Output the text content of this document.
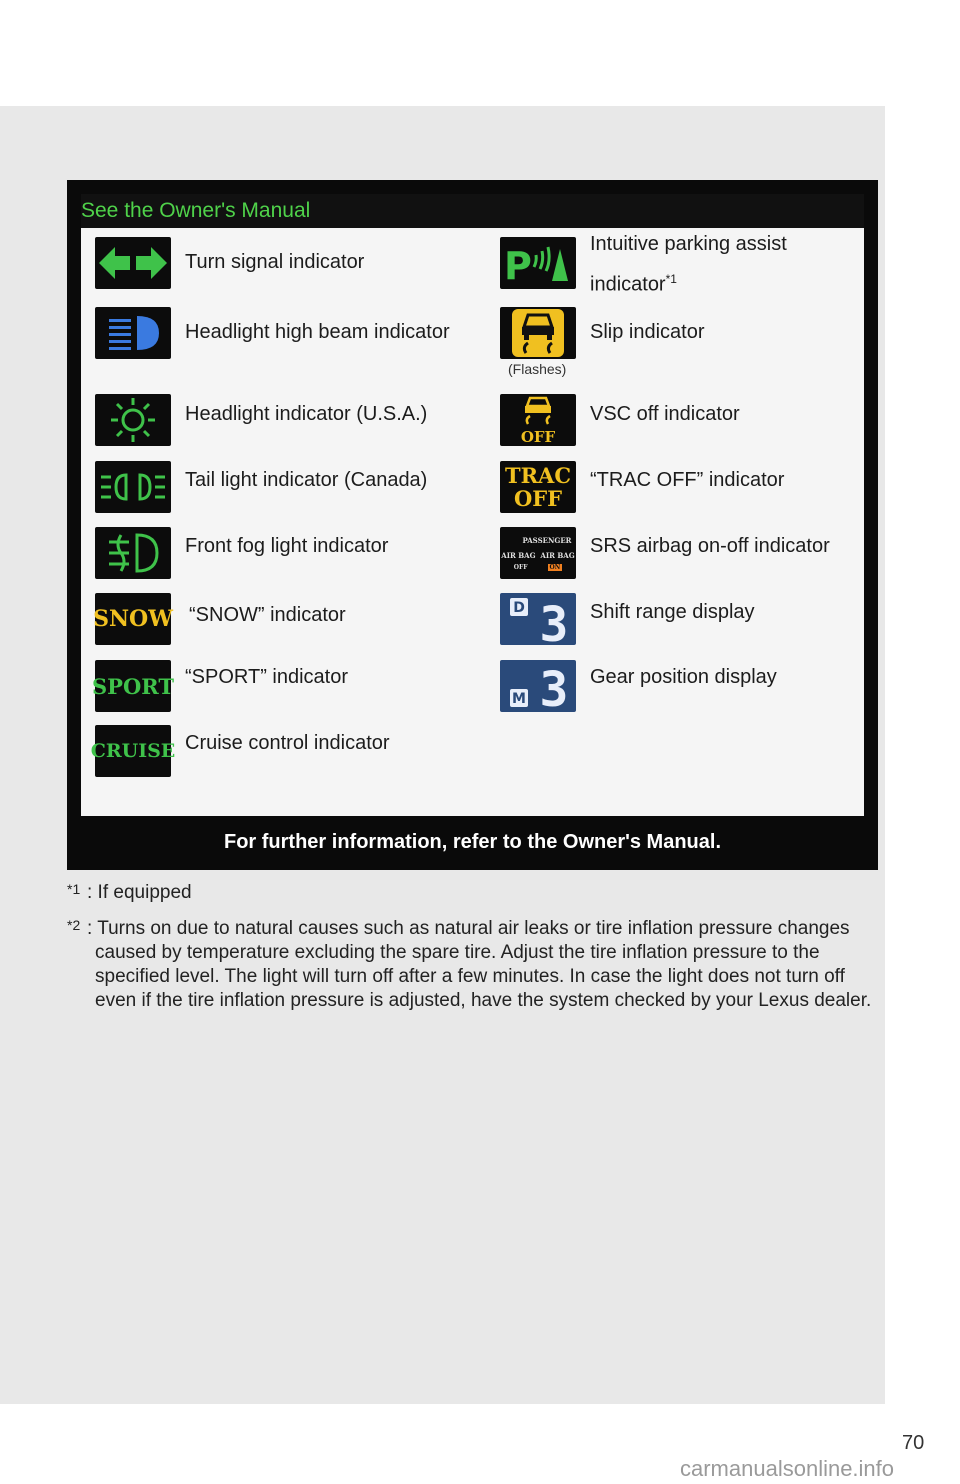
See the Owner's Manual
Turn signal indicator
Headlight high beam indicator
Headlight indicator (U.S.A.)
Tail light indicator (Canada)
Front fog light indicator
SNOW “SNOW” indicator
SPORT “SPORT” indicator
CRUISE Cruise control indicator
P	Intuitive parking assist
indicator$^{*1}$
Slip indicator
(Flashes)
OFF
VSC off indicator
TRAC
OFF
“TRAC OFF” indicator
PASSENGER
AIR BAG  AIR BAG
OFF	ON
SRS airbag on-off indicator
D 3 Shift range display
M 3 Gear position display
For further information, refer to the Owner's Manual.
*1 : If equipped
*2 : Turns on due to natural causes such as natural air leaks or tire inflation pressure changes caused by temperature excluding the spare tire. Adjust the tire inflation pressure to the specified level. The light will turn off after a few minutes. In case the light does not turn off even if the tire inflation pressure is adjusted, have the system checked by your Lexus dealer.
70
carmanualsonline.info
